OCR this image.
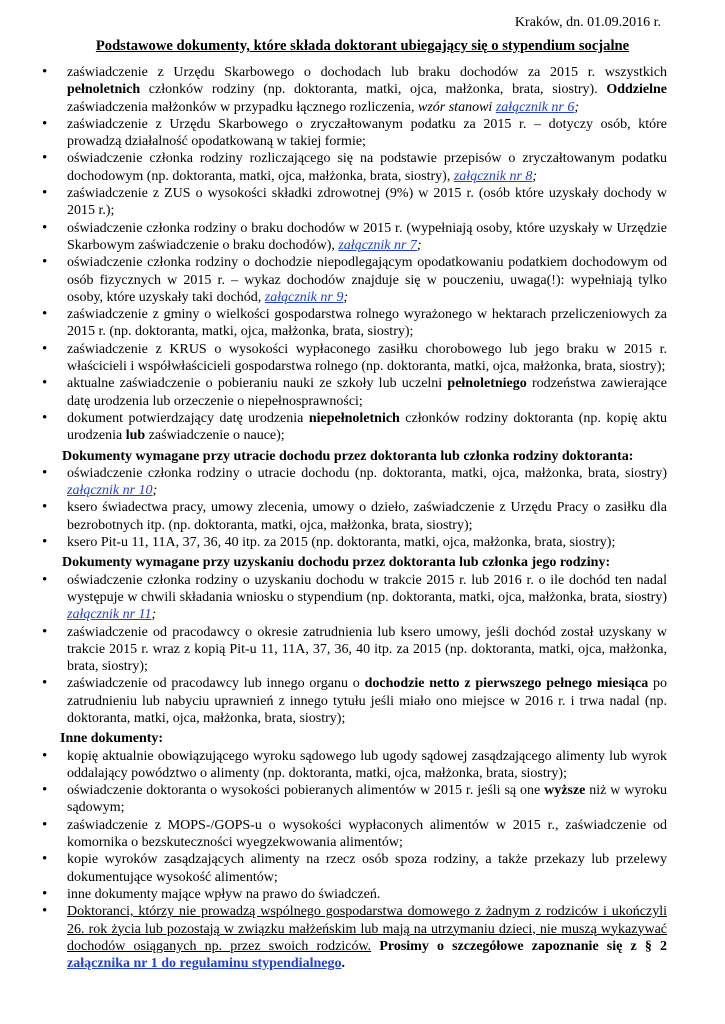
Kraków, dn. 01.09.2016 r.
Podstawowe dokumenty, które składa doktorant ubiegający się o stypendium socjalne
• zaświadczenie z Urzędu Skarbowego o dochodach lub braku dochodów za 2015 r. wszystkich pełnoletnich członków rodziny (np. doktoranta, matki, ojca, małżonka, brata, siostry). Oddzielne zaświadczenia małżonków w przypadku łącznego rozliczenia, wzór stanowi załącznik nr 6;
• zaświadczenie z Urzędu Skarbowego o zryczałtowanym podatku za 2015 r. – dotyczy osób, które prowadzą działalność opodatkowaną w takiej formie;
• oświadczenie członka rodziny rozliczającego się na podstawie przepisów o zryczałtowanym podatku dochodowym (np. doktoranta, matki, ojca, małżonka, brata, siostry), załącznik nr 8;
• zaświadczenie z ZUS o wysokości składki zdrowotnej (9%) w 2015 r. (osób które uzyskały dochody w 2015 r.);
• oświadczenie członka rodziny o braku dochodów w 2015 r. (wypełniają osoby, które uzyskały w Urzędzie Skarbowym zaświadczenie o braku dochodów), załącznik nr 7;
• oświadczenie członka rodziny o dochodzie niepodlegającym opodatkowaniu podatkiem dochodowym od osób fizycznych w 2015 r. – wykaz dochodów znajduje się w pouczeniu, uwaga(!): wypełniają tylko osoby, które uzyskały taki dochód, załącznik nr 9;
• zaświadczenie z gminy o wielkości gospodarstwa rolnego wyrażonego w hektarach przeliczeniowych za 2015 r. (np. doktoranta, matki, ojca, małżonka, brata, siostry);
• zaświadczenie z KRUS o wysokości wypłaconego zasiłku chorobowego lub jego braku w 2015 r. właścicieli i współwłaścicieli gospodarstwa rolnego (np. doktoranta, matki, ojca, małżonka, brata, siostry);
• aktualne zaświadczenie o pobieraniu nauki ze szkoły lub uczelni pełnoletniego rodzeństwa zawierające datę urodzenia lub orzeczenie o niepełnosprawności;
• dokument potwierdzający datę urodzenia niepełnoletnich członków rodziny doktoranta (np. kopię aktu urodzenia lub zaświadczenie o nauce);
Dokumenty wymagane przy utracie dochodu przez doktoranta lub członka rodziny doktoranta:
• oświadczenie członka rodziny o utracie dochodu (np. doktoranta, matki, ojca, małżonka, brata, siostry) załącznik nr 10;
• ksero świadectwa pracy, umowy zlecenia, umowy o dzieło, zaświadczenie z Urzędu Pracy o zasiłku dla bezrobotnych itp. (np. doktoranta, matki, ojca, małżonka, brata, siostry);
• ksero Pit-u 11, 11A, 37, 36, 40 itp. za 2015 (np. doktoranta, matki, ojca, małżonka, brata, siostry);
Dokumenty wymagane przy uzyskaniu dochodu przez doktoranta lub członka jego rodziny:
• oświadczenie członka rodziny o uzyskaniu dochodu w trakcie 2015 r. lub 2016 r. o ile dochód ten nadal występuje w chwili składania wniosku o stypendium (np. doktoranta, matki, ojca, małżonka, brata, siostry) załącznik nr 11;
• zaświadczenie od pracodawcy o okresie zatrudnienia lub ksero umowy, jeśli dochód został uzyskany w trakcie 2015 r. wraz z kopią Pit-u 11, 11A, 37, 36, 40 itp. za 2015 (np. doktoranta, matki, ojca, małżonka, brata, siostry);
• zaświadczenie od pracodawcy lub innego organu o dochodzie netto z pierwszego pełnego miesiąca po zatrudnieniu lub nabyciu uprawnień z innego tytułu jeśli miało ono miejsce w 2016 r. i trwa nadal (np. doktoranta, matki, ojca, małżonka, brata, siostry);
Inne dokumenty:
• kopię aktualnie obowiązującego wyroku sądowego lub ugody sądowej zasądzającego alimenty lub wyrok oddalający powództwo o alimenty (np. doktoranta, matki, ojca, małżonka, brata, siostry);
• oświadczenie doktoranta o wysokości pobieranych alimentów w 2015 r. jeśli są one wyższe niż w wyroku sądowym;
• zaświadczenie z MOPS-/GOPS-u o wysokości wypłaconych alimentów w 2015 r., zaświadczenie od komornika o bezskuteczności wyegzekwowania alimentów;
• kopie wyroków zasądzających alimenty na rzecz osób spoza rodziny, a także przekazy lub przelewy dokumentujące wysokość alimentów;
• inne dokumenty mające wpływ na prawo do świadczeń.
• Doktoranci, którzy nie prowadzą wspólnego gospodarstwa domowego z żadnym z rodziców i ukończyli 26. rok życia lub pozostają w związku małżeńskim lub mają na utrzymaniu dzieci, nie muszą wykazywać dochodów osiąganych np. przez swoich rodziców. Prosimy o szczegółowe zapoznanie się z § 2 załącznika nr 1 do regulaminu stypendialnego.
